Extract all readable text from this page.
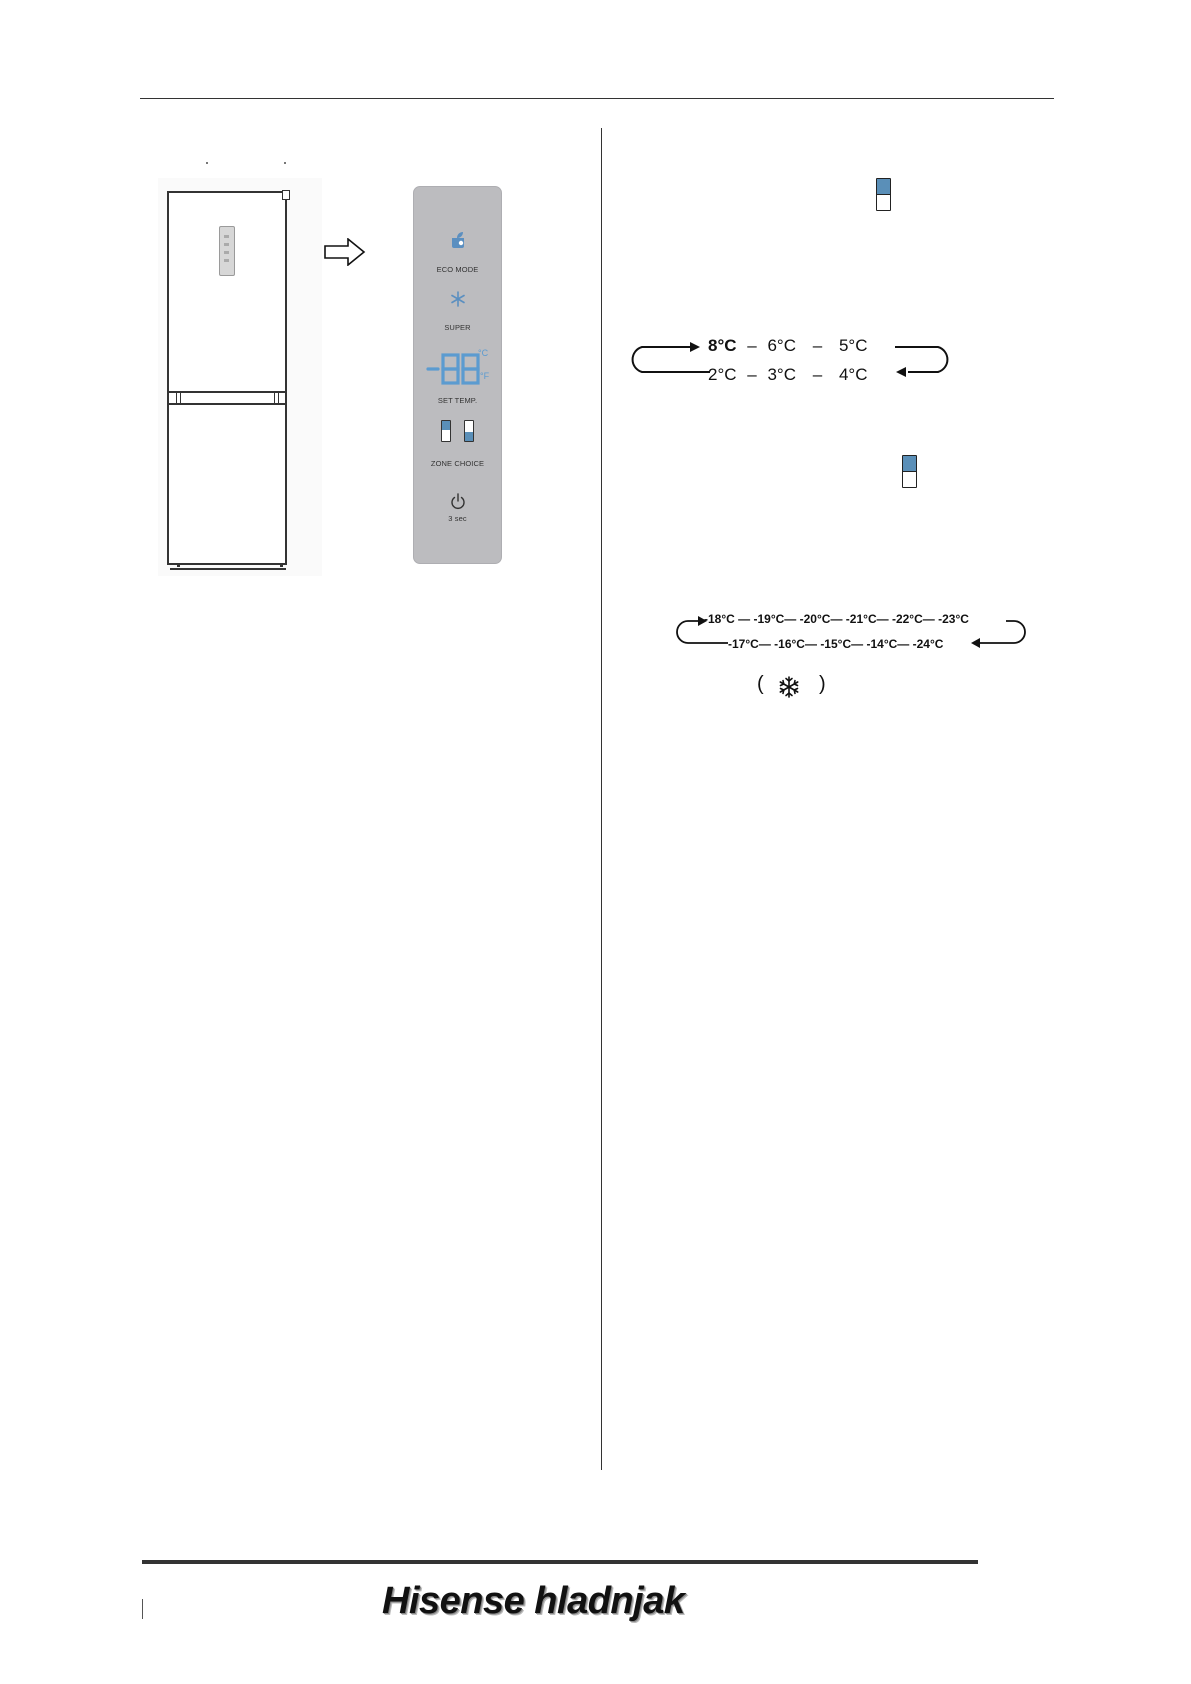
ECO MODE
SUPER
°C
°F
SET TEMP.
ZONE CHOICE
3 sec
8°C – 6°C – 5°C
2°C – 3°C – 4°C
-18°C — -19°C— -20°C— -21°C— -22°C— -23°C
-17°C— -16°C— -15°C— -14°C— -24°C
(	)
Hisense hladnjak
